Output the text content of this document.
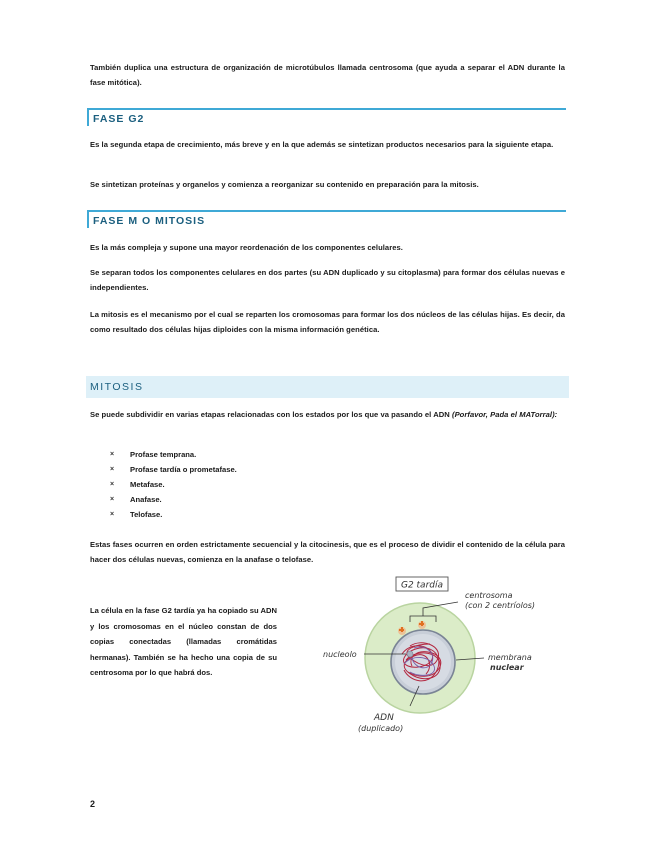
También duplica una estructura de organización de microtúbulos llamada centrosoma (que ayuda a separar el ADN durante la fase mitótica).

FASE G2

Es la segunda etapa de crecimiento, más breve y en la que además se sintetizan productos necesarios para la siguiente etapa.

Se sintetizan proteínas y organelos y comienza a reorganizar su contenido en preparación para la mitosis.

FASE M O MITOSIS

Es la más compleja y supone una mayor reordenación de los componentes celulares.

Se separan todos los componentes celulares en dos partes (su ADN duplicado y su citoplasma) para formar dos células nuevas e independientes.

La mitosis es el mecanismo por el cual se reparten los cromosomas para formar los dos núcleos de las células hijas. Es decir, da como resultado dos células hijas diploides con la misma información genética.

MITOSIS

Se puede subdividir en varias etapas relacionadas con los estados por los que va pasando el ADN (Porfavor, Pada el MATorral):

× Profase temprana.
× Profase tardía o prometafase.
× Metafase.
× Anafase.
× Telofase.

Estas fases ocurren en orden estrictamente secuencial y la citocinesis, que es el proceso de dividir el contenido de la célula para hacer dos células nuevas, comienza en la anafase o telofase.

La célula en la fase G2 tardía ya ha copiado su ADN y los cromosomas en el núcleo constan de dos copias conectadas (llamadas cromátidas hermanas). También se ha hecho una copia de su centrosoma por lo que habrá dos.

G2 tardía
centrosoma
(con 2 centríolos)
nucleolo	membrana
nuclear
ADN
(duplicado)
2
